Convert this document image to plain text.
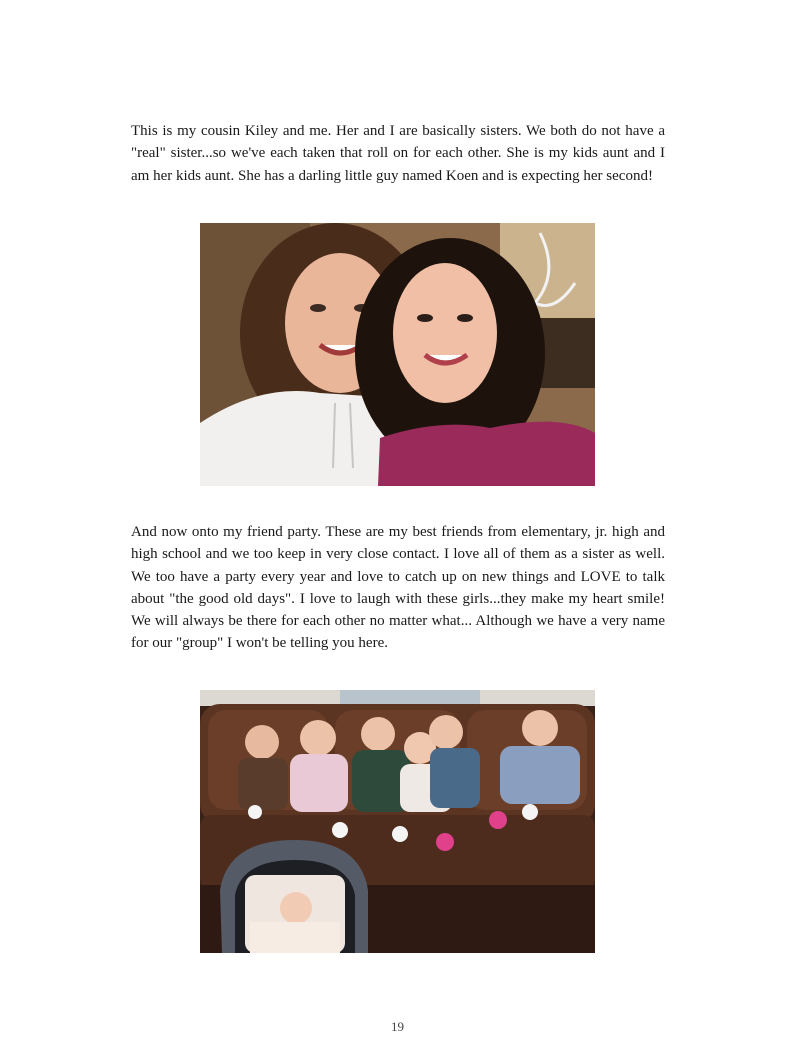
This is my cousin Kiley and me. Her and I are basically sisters. We both do not have a "real" sister...so we've each taken that roll on for each other. She is my kids aunt and I am her kids aunt. She has a darling little guy named Koen and is expecting her second!

And now onto my friend party. These are my best friends from elementary, jr. high and high school and we too keep in very close contact. I love all of them as a sister as well. We too have a party every year and love to catch up on new things and LOVE to talk about "the good old days". I love to laugh with these girls...they make my heart smile! We will always be there for each other no matter what... Although we have a very name for our "group" I won't be telling you here.

19
